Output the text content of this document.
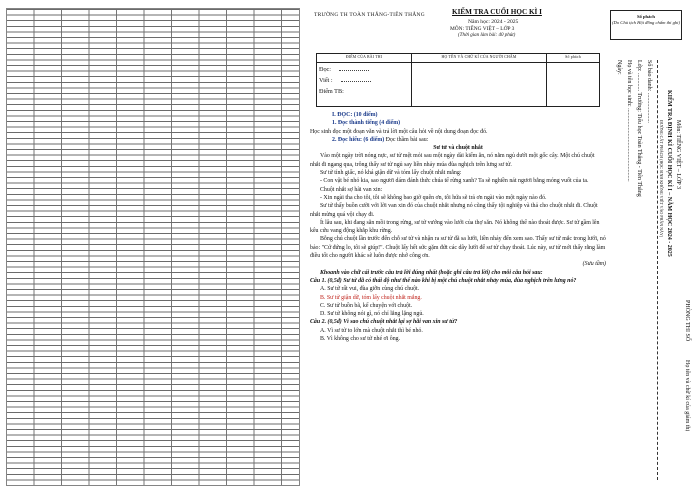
TRƯỜNG TH TOÀN THẮNG-TIÊN THẮNG	KIỂM TRA CUỐI HỌC KÌ I
Năm học: 2024 - 2025
MÔN: TIẾNG VIỆT – LỚP 3
(Thời gian làm bài: 40 phút)
ĐIỂM CỦA BÀI THI	HỌ TÊN VÀ CHỮ KÍ CỦA NGƯỜI CHẤM	Số phách

Đọc:
Viết :
Điểm TB:		

I. ĐỌC: (10 điểm)
1. Đọc thành tiếng (4 điểm)
Học sinh đọc một đoạn văn và trả lời một câu hỏi về nội dung đoạn đọc đó.
2. Đọc hiểu: (6 điểm) Đọc thầm bài sau:
Sư tử và chuột nhắt
Vào một ngày trời nóng nực, sư tử mệt mỏi sau một ngày dài kiếm ăn, nó nằm ngủ dưới một gốc cây. Một chú chuột nhắt đi ngang qua, trông thấy sư tử ngủ say liền nhảy múa đùa nghịch trên lưng sư tử.
Sư tử tỉnh giấc, nó khá giận dữ và tóm lấy chuột nhắt mắng:
- Con vật bé nhỏ kia, sao ngươi dám đánh thức chúa tể rừng xanh? Ta sẽ nghiền nát ngươi bằng móng vuốt của ta.
Chuột nhắt sợ hãi van xin:
- Xin ngài tha cho tôi, tôi sẽ không bao giờ quên ơn, tôi hứa sẽ trả ơn ngài vào một ngày nào đó.
Sư tử thấy buồn cười với lời van xin đó của chuột nhắt nhưng nó cũng thấy tội nghiệp và thả cho chuột nhắt đi. Chuột nhắt mừng quá vội chạy đi.
Ít lâu sau, khi đang săn mồi trong rừng, sư tử vướng vào lưới của thợ săn. Nó không thể nào thoát được. Sư tử gầm lên kêu cứu vang động khắp khu rừng.
Bỗng chú chuột lần trước đến chỗ sư tử và nhận ra sư tử đã sa lưới, liền nhảy đến xem sao. Thấy sư tử mắc trong lưới, nó bảo: "Cứ đứng lo, tôi sẽ giúp!". Chuột lấy hết sức gặm đứt các dây lưới để sư tử chạy thoát. Lúc này, sư tử mới thấy rằng làm điều tốt cho người khác sẽ luôn được nhớ công ơn.
(Sưu tầm)
Khoanh vào chữ cái trước câu trả lời đúng nhất (hoặc ghi câu trả lời) cho mỗi câu hỏi sau:
Câu 1. (0,5đ) Sư tử đã có thái độ như thế nào khi bị một chú chuột nhắt nhảy múa, đùa nghịch trên lưng nó?
A. Sư tử rất vui, đùa giỡn cùng chú chuột.
B. Sư tử giận dữ, tóm lấy chuột nhắt mắng.
C. Sư tử buồn bã, kể chuyện với chuột.
D. Sư tử không nói gì, nó chỉ lẳng lặng ngủ.
Câu 2. (0,5đ) Vì sao chú chuột nhắt lại sợ hãi van xin sư tử?
A. Vì sư tử to lớn mà chuột nhắt thì bé nhỏ.
B. Vì không cho sư tử nhé ơi ông.
Số phách
(Do Chủ tịch Hội đồng chấm thi ghi)
Ngày: Họ và tên học sinh: ................................................. Lớp: ............ Trường: Tiểu học Toàn Thắng - Tiên Thắng Số báo danh: ....................
ĐƯỜNG CẮT PHÁCH (HỌC SINH KHÔNG VIẾT VÀO PHẦN NÀY) KIỂM TRA ĐỊNH KÌ CUỐI HỌC KÌ I – NĂM HỌC 2024 - 2025 Môn: TIẾNG VIỆT – LỚP 3
PHÒNG THI SỐ
Họ tên và chữ kí của giám thị
